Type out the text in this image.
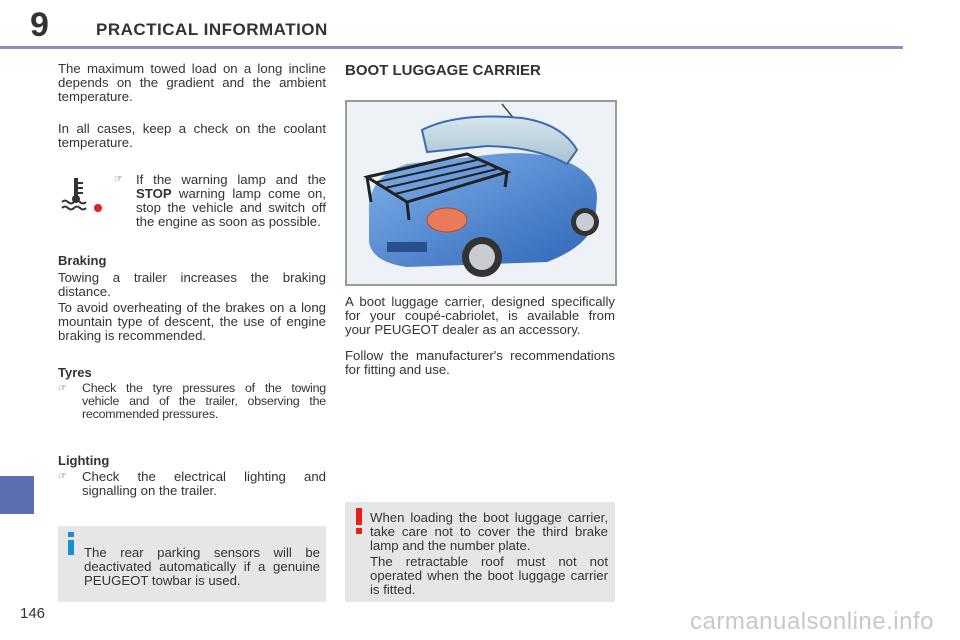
9	PRACTICAL INFORMATION

The maximum towed load on a long incline depends on the gradient and the ambient temperature.

In all cases, keep a check on the coolant temperature.

☞ If the warning lamp and the STOP warning lamp come on, stop the vehicle and switch off the engine as soon as possible.
Braking

Towing a trailer increases the braking distance.

To avoid overheating of the brakes on a long mountain type of descent, the use of engine braking is recommended.

Tyres
☞ Check the tyre pressures of the towing vehicle and of the trailer, observing the recommended pressures.
Lighting
☞ Check the electrical lighting and signalling on the trailer.
The rear parking sensors will be deactivated automatically if a genuine PEUGEOT towbar is used.
BOOT LUGGAGE CARRIER

A boot luggage carrier, designed specifically for your coupé-cabriolet, is available from your PEUGEOT dealer as an accessory.

Follow the manufacturer's recommendations for fitting and use.

When loading the boot luggage carrier, take care not to cover the third brake lamp and the number plate.

The retractable roof must not not operated when the boot luggage carrier is fitted.

146	carmanualsonline.info
